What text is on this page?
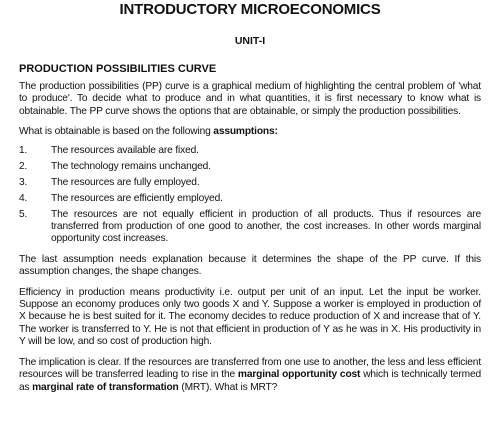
INTRODUCTORY MICROECONOMICS
UNIT-I
PRODUCTION POSSIBILITIES CURVE

The production possibilities (PP) curve is a graphical medium of highlighting the central problem of 'what to produce'. To decide what to produce and in what quantities, it is first necessary to know what is obtainable. The PP curve shows the options that are obtainable, or simply the production possibilities.

What is obtainable is based on the following assumptions:

1.	The resources available are fixed.
2.	The technology remains unchanged.
3.	The resources are fully employed.
4.	The resources are efficiently employed.
5.	The resources are not equally efficient in production of all products. Thus if resources are transferred from production of one good to another, the cost increases. In other words marginal opportunity cost increases.

The last assumption needs explanation because it determines the shape of the PP curve. If this assumption changes, the shape changes.

Efficiency in production means productivity i.e. output per unit of an input. Let the input be worker. Suppose an economy produces only two goods X and Y. Suppose a worker is employed in production of X because he is best suited for it. The economy decides to reduce production of X and increase that of Y. The worker is transferred to Y. He is not that efficient in production of Y as he was in X. His productivity in Y will be low, and so cost of production high.

The implication is clear. If the resources are transferred from one use to another, the less and less efficient resources will be transferred leading to rise in the marginal opportunity cost which is technically termed as marginal rate of transformation (MRT). What is MRT?
